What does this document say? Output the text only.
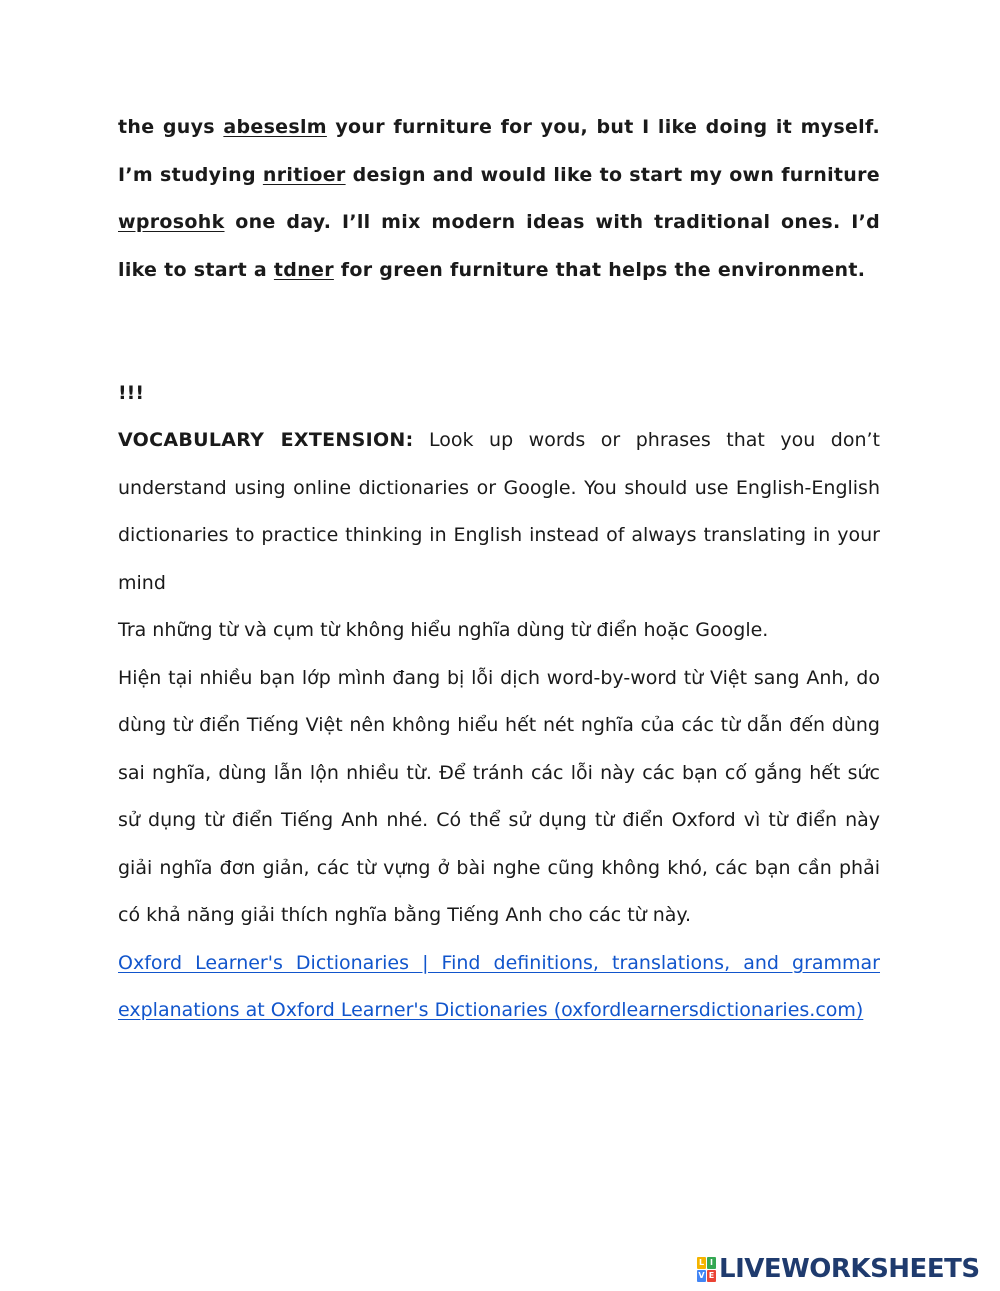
the guys abeseslm your furniture for you, but I like doing it myself. I’m studying nritioer design and would like to start my own furniture wprosohk one day. I’ll mix modern ideas with traditional ones. I’d like to start a tdner for green furniture that helps the environment.

!!!

VOCABULARY EXTENSION: Look up words or phrases that you don’t understand using online dictionaries or Google. You should use English-English dictionaries to practice thinking in English instead of always translating in your mind

Tra những từ và cụm từ không hiểu nghĩa dùng từ điển hoặc Google.

Hiện tại nhiều bạn lớp mình đang bị lỗi dịch word-by-word từ Việt sang Anh, do dùng từ điển Tiếng Việt nên không hiểu hết nét nghĩa của các từ dẫn đến dùng sai nghĩa, dùng lẫn lộn nhiều từ. Để tránh các lỗi này các bạn cố gắng hết sức sử dụng từ điển Tiếng Anh nhé. Có thể sử dụng từ điển Oxford vì từ điển này giải nghĩa đơn giản, các từ vựng ở bài nghe cũng không khó, các bạn cần phải có khả năng giải thích nghĩa bằng Tiếng Anh cho các từ này.

Oxford Learner's Dictionaries | Find definitions, translations, and grammar explanations at Oxford Learner's Dictionaries (oxfordlearnersdictionaries.com)

L I
V E LIVEWORKSHEETS
